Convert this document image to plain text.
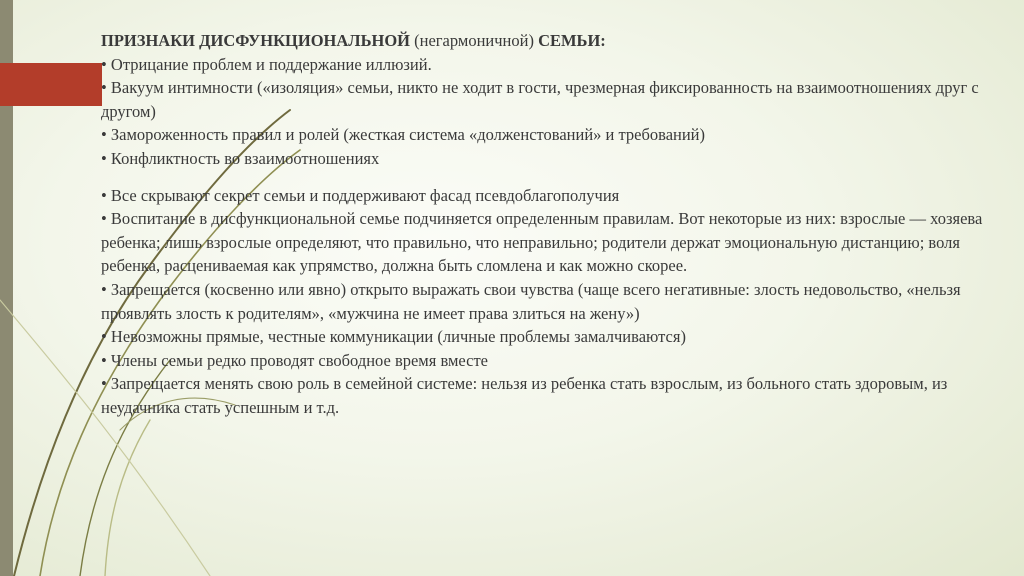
ПРИЗНАКИ ДИСФУНКЦИОНАЛЬНОЙ (негармоничной) СЕМЬИ:

• Отрицание проблем и поддержание иллюзий.

• Вакуум интимности («изоляция» семьи, никто не ходит в гости, чрезмерная фиксированность на взаимоотношениях друг с другом)

• Замороженность правил и ролей (жесткая система «долженстований» и требований)

• Конфликтность во взаимоотношениях

• Все скрывают секрет семьи и поддерживают фасад псевдоблагополучия

• Воспитание в дисфункциональной семье подчиняется определенным правилам. Вот некоторые из них: взрослые — хозяева ребенка; лишь взрослые определяют, что правильно, что неправильно; родители держат эмоциональную дистанцию; воля ребенка, расцениваемая как упрямство, должна быть сломлена и как можно скорее.

• Запрещается (косвенно или явно) открыто выражать свои чувства (чаще всего негативные: злость недовольство, «нельзя проявлять злость к родителям», «мужчина не имеет права злиться на жену»)

• Невозможны прямые, честные коммуникации (личные проблемы замалчиваются)

• Члены семьи редко проводят свободное время вместе

• Запрещается менять свою роль в семейной системе: нельзя из ребенка стать взрослым, из больного стать здоровым, из неудачника стать успешным и т.д.
